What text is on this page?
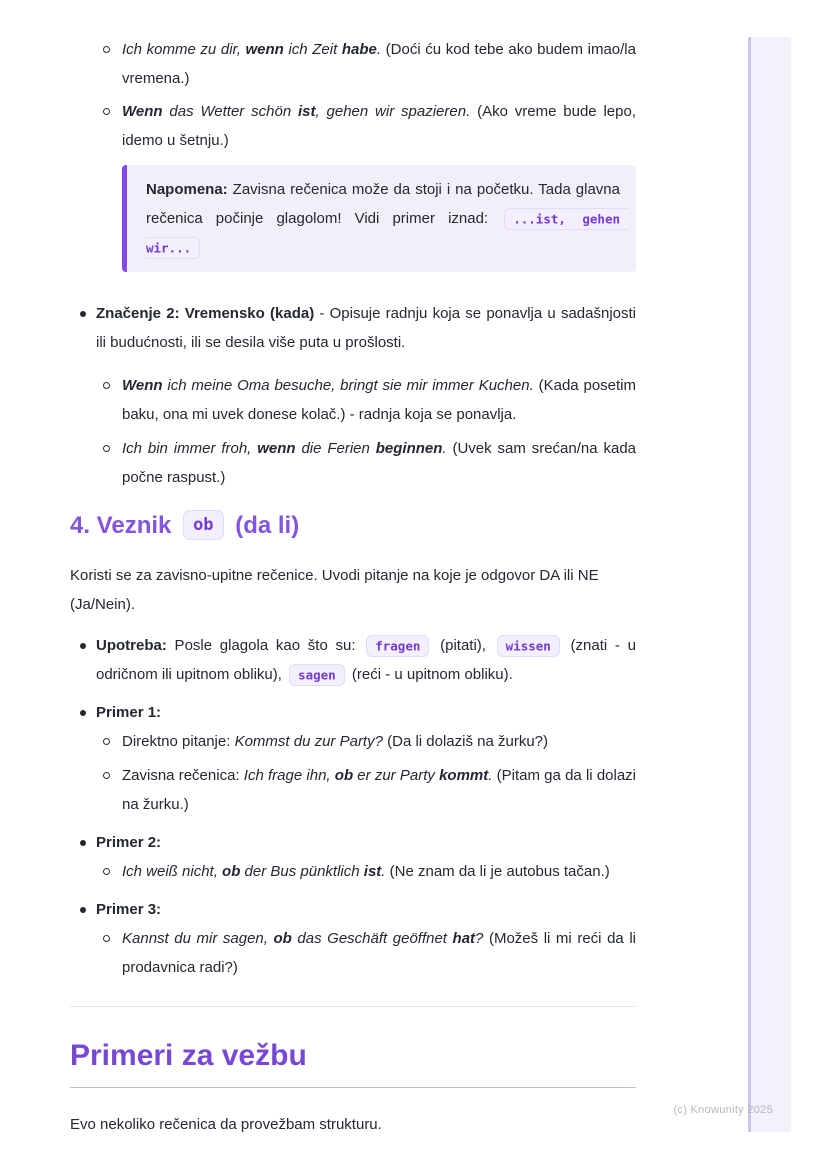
Ich komme zu dir, wenn ich Zeit habe. (Doći ću kod tebe ako budem imao/la vremena.)
Wenn das Wetter schön ist, gehen wir spazieren. (Ako vreme bude lepo, idemo u šetnju.)
Napomena: Zavisna rečenica može da stoji i na početku. Tada glavna rečenica počinje glagolom! Vidi primer iznad: ...ist, gehen wir...
Značenje 2: Vremensko (kada) - Opisuje radnju koja se ponavlja u sadašnjosti ili budućnosti, ili se desila više puta u prošlosti.
Wenn ich meine Oma besuche, bringt sie mir immer Kuchen. (Kada posetim baku, ona mi uvek donese kolač.) - radnja koja se ponavlja.
Ich bin immer froh, wenn die Ferien beginnen. (Uvek sam srećan/na kada počne raspust.)
4. Veznik ob (da li)

Koristi se za zavisno-upitne rečenice. Uvodi pitanje na koje je odgovor DA ili NE (Ja/Nein).

Upotreba: Posle glagola kao što su: fragen (pitati), wissen (znati - u odričnom ili upitnom obliku), sagen (reći - u upitnom obliku).
Primer 1:
Direktno pitanje: Kommst du zur Party? (Da li dolaziš na žurku?)
Zavisna rečenica: Ich frage ihn, ob er zur Party kommt. (Pitam ga da li dolazi na žurku.)
Primer 2:
Ich weiß nicht, ob der Bus pünktlich ist. (Ne znam da li je autobus tačan.)
Primer 3:
Kannst du mir sagen, ob das Geschäft geöffnet hat? (Možeš li mi reći da li prodavnica radi?)
Primeri za vežbu

Evo nekoliko rečenica da provežbam strukturu.

(c) Knowunity 2025
